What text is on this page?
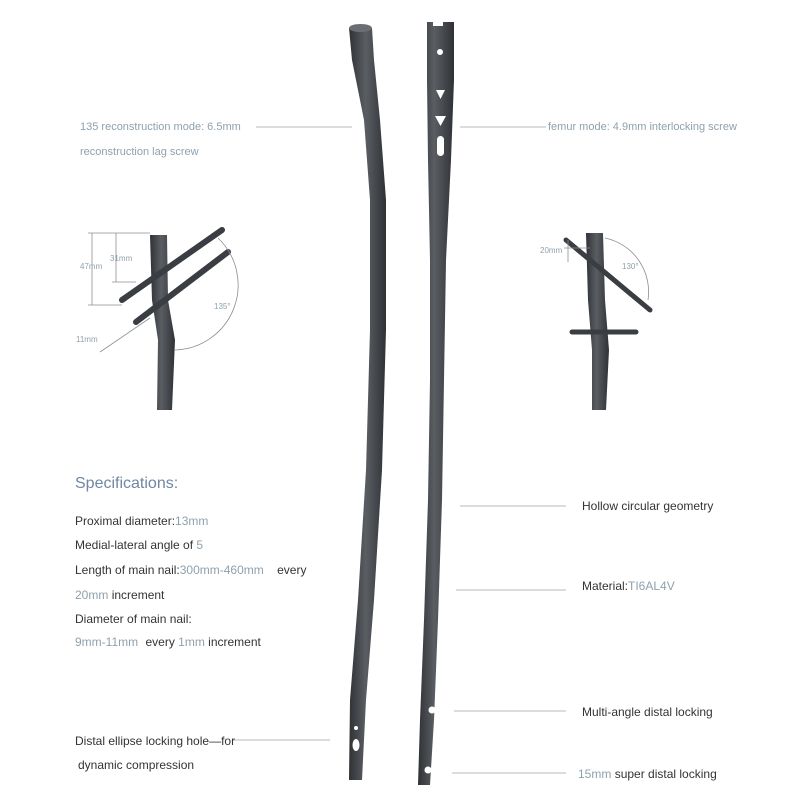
135 reconstruction mode: 6.5mm
reconstruction lag screw
femur mode: 4.9mm interlocking screw
47mm
31mm
11mm
135°
20mm
130°
Specifications:
Proximal diameter:13mm
Medial-lateral angle of 5
Length of main nail:300mm-460mm every
20mm increment
Diameter of main nail:
9mm-11mm every 1mm increment
Hollow circular geometry
Material:TI6AL4V
Multi-angle distal locking
15mm super distal locking
Distal ellipse locking hole—for
dynamic compression
